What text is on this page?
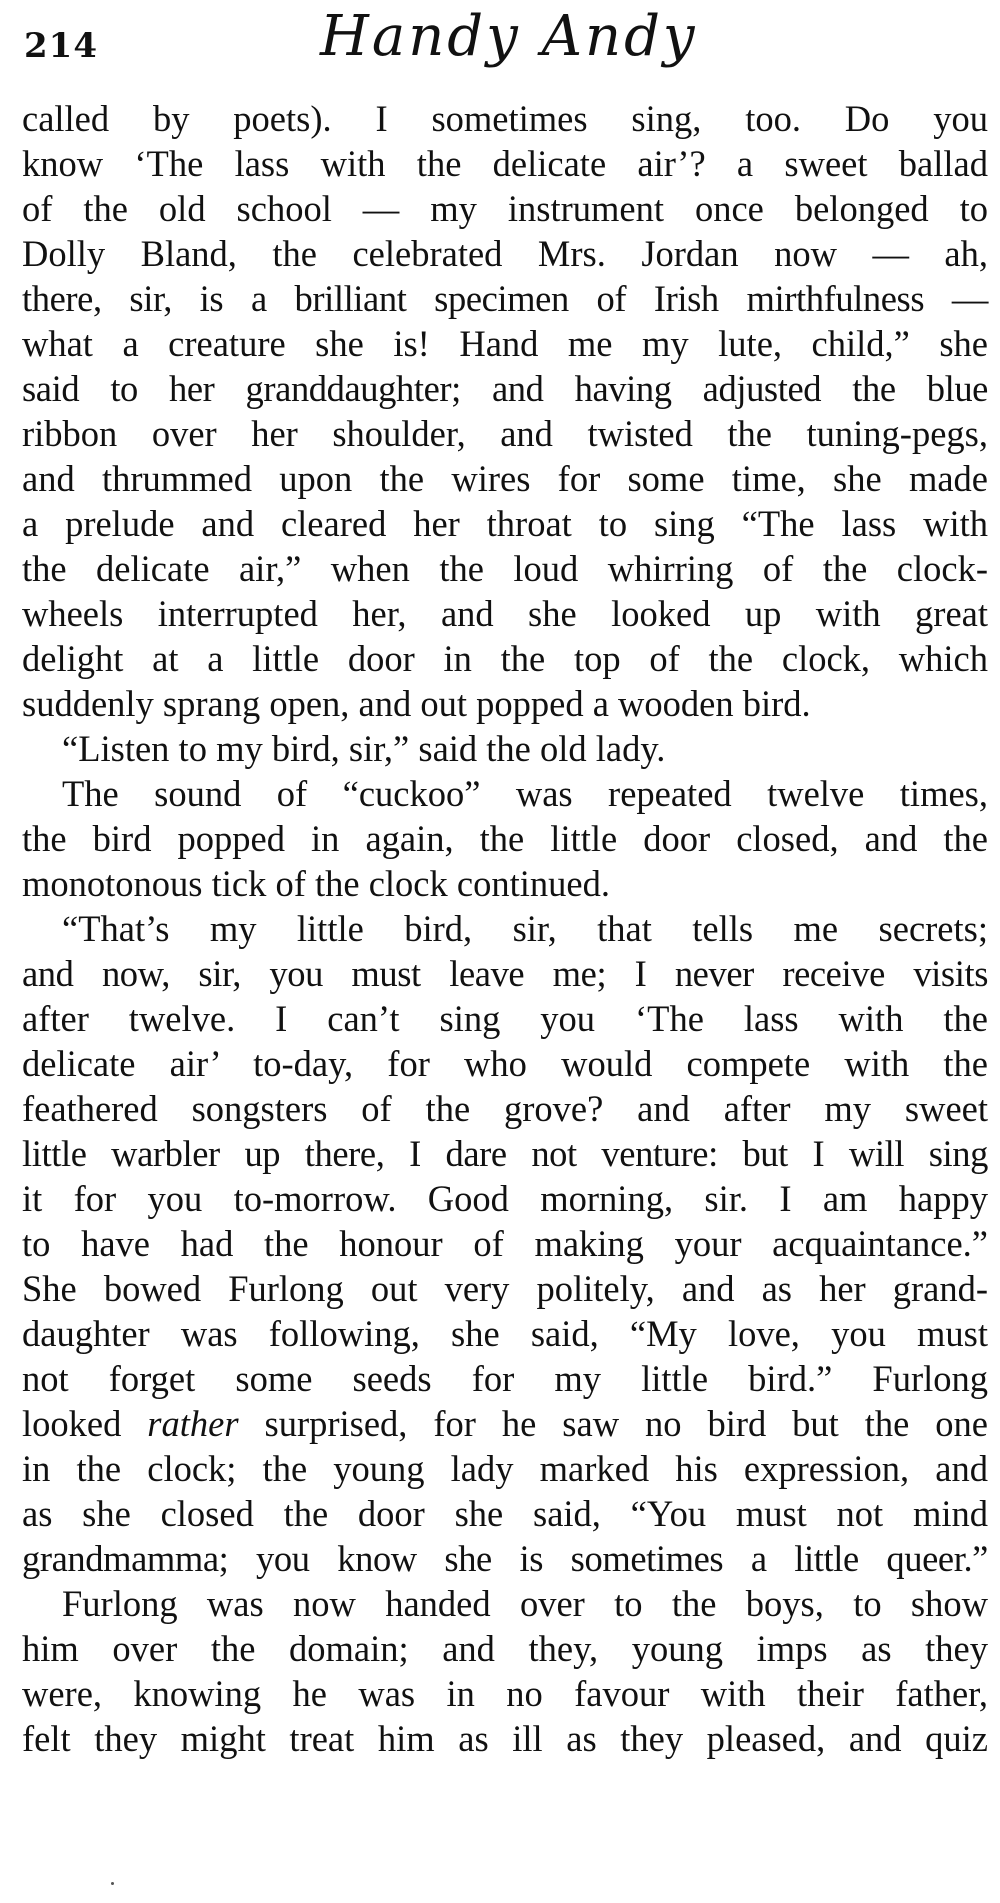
214	Handy Andy
called by poets). I sometimes sing, too. Do you
know ‘The lass with the delicate air’? a sweet ballad
of the old school — my instrument once belonged to
Dolly Bland, the celebrated Mrs. Jordan now — ah,
there, sir, is a brilliant specimen of Irish mirthfulness —
what a creature she is! Hand me my lute, child,” she
said to her granddaughter; and having adjusted the blue
ribbon over her shoulder, and twisted the tuning-pegs,
and thrummed upon the wires for some time, she made
a prelude and cleared her throat to sing “The lass with
the delicate air,” when the loud whirring of the clock-
wheels interrupted her, and she looked up with great
delight at a little door in the top of the clock, which
suddenly sprang open, and out popped a wooden bird.
“Listen to my bird, sir,” said the old lady.
The sound of “cuckoo” was repeated twelve times,
the bird popped in again, the little door closed, and the
monotonous tick of the clock continued.
“That’s my little bird, sir, that tells me secrets;
and now, sir, you must leave me; I never receive visits
after twelve. I can’t sing you ‘The lass with the
delicate air’ to-day, for who would compete with the
feathered songsters of the grove? and after my sweet
little warbler up there, I dare not venture: but I will sing
it for you to-morrow. Good morning, sir. I am happy
to have had the honour of making your acquaintance.”
She bowed Furlong out very politely, and as her grand-
daughter was following, she said, “My love, you must
not forget some seeds for my little bird.” Furlong
looked rather surprised, for he saw no bird but the one
in the clock; the young lady marked his expression, and
as she closed the door she said, “You must not mind
grandmamma; you know she is sometimes a little queer.”
Furlong was now handed over to the boys, to show
him over the domain; and they, young imps as they
were, knowing he was in no favour with their father,
felt they might treat him as ill as they pleased, and quiz
